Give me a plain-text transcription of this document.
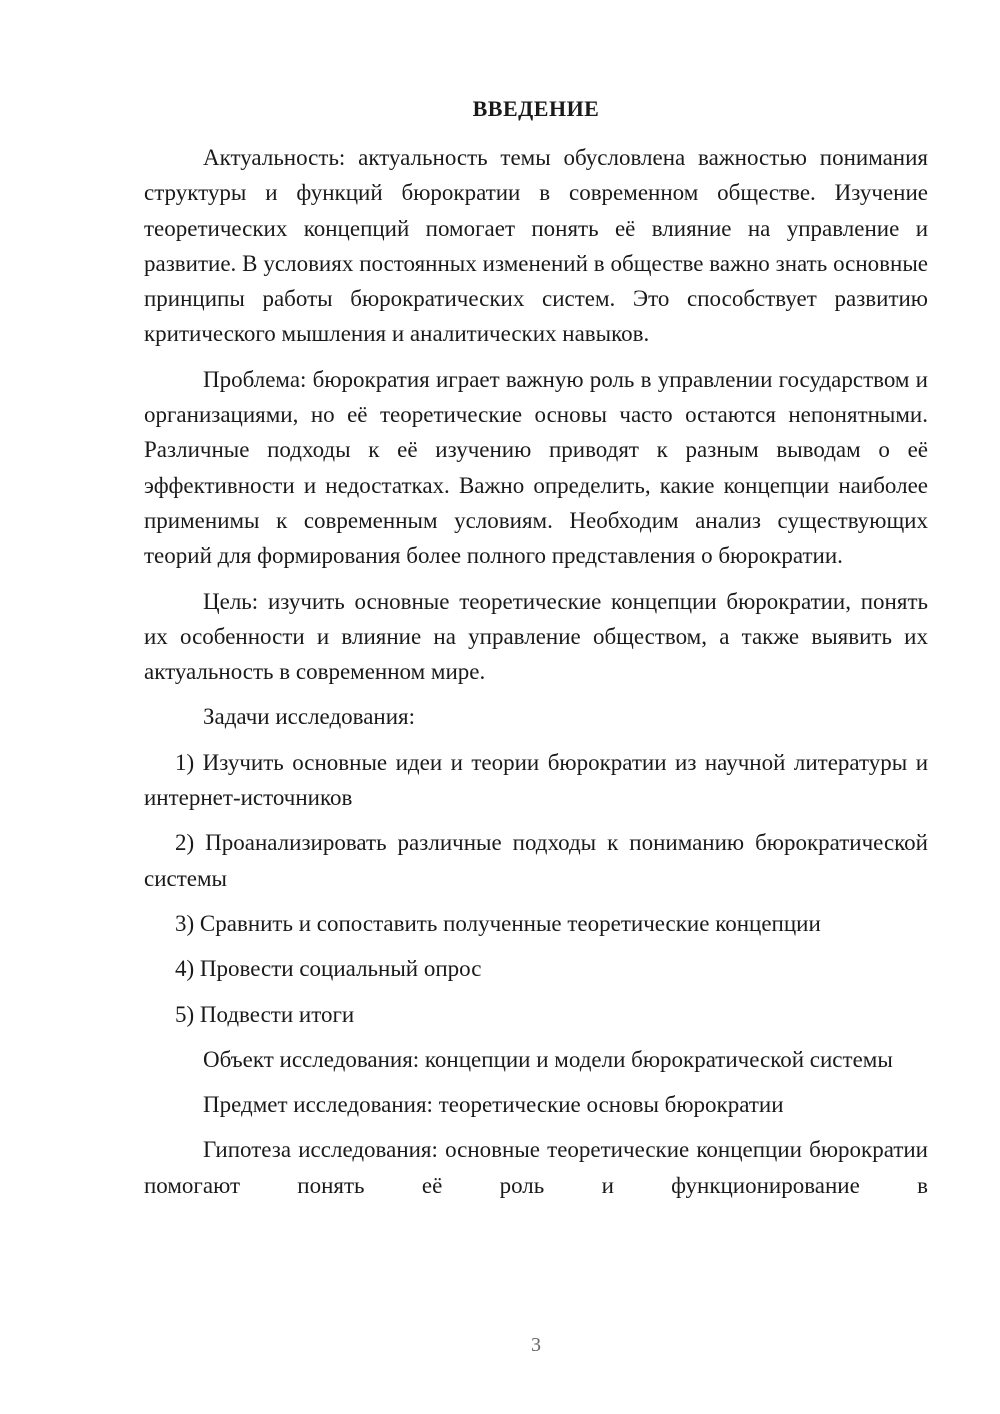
ВВЕДЕНИЕ

Актуальность: актуальность темы обусловлена важностью понимания структуры и функций бюрократии в современном обществе. Изучение теоретических концепций помогает понять её влияние на управление и развитие. В условиях постоянных изменений в обществе важно знать основные принципы работы бюрократических систем. Это способствует развитию критического мышления и аналитических навыков.

Проблема: бюрократия играет важную роль в управлении государством и организациями, но её теоретические основы часто остаются непонятными. Различные подходы к её изучению приводят к разным выводам о её эффективности и недостатках. Важно определить, какие концепции наиболее применимы к современным условиям. Необходим анализ существующих теорий для формирования более полного представления о бюрократии.

Цель: изучить основные теоретические концепции бюрократии, понять их особенности и влияние на управление обществом, а также выявить их актуальность в современном мире.

Задачи исследования:

1) Изучить основные идеи и теории бюрократии из научной литературы и интернет-источников

2) Проанализировать различные подходы к пониманию бюрократической системы

3) Сравнить и сопоставить полученные теоретические концепции

4) Провести социальный опрос

5) Подвести итоги

Объект исследования: концепции и модели бюрократической системы

Предмет исследования: теоретические основы бюрократии

Гипотеза исследования: основные теоретические концепции бюрократии помогают понять её роль и функционирование в

3
